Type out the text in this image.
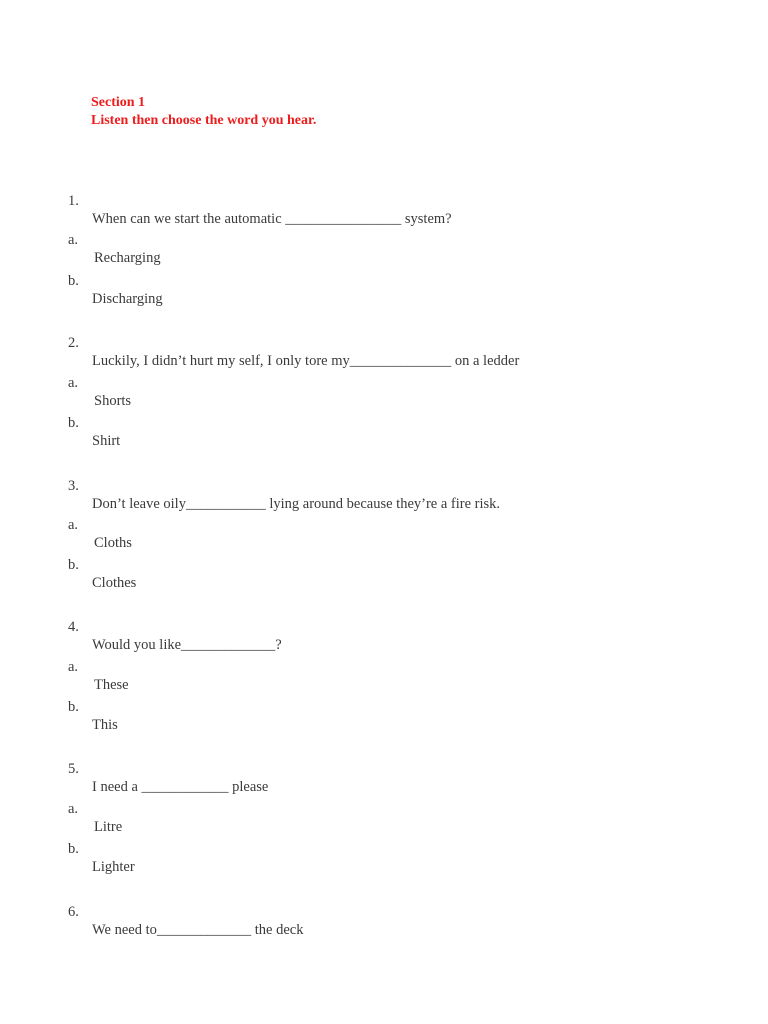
Section 1
Listen then choose the word you hear.

1.

When can we start the automatic ________________ system?

a.

Recharging

b.

Discharging

2.

Luckily, I didn’t hurt my self, I only tore my______________ on a ledder

a.

Shorts

b.

Shirt

3.

Don’t leave oily___________ lying around because they’re a fire risk.

a.

Cloths

b.

Clothes

4.

Would you like_____________?

a.

These

b.

This

5.

I need a ____________ please

a.

Litre

b.

Lighter

6.

We need to_____________ the deck
